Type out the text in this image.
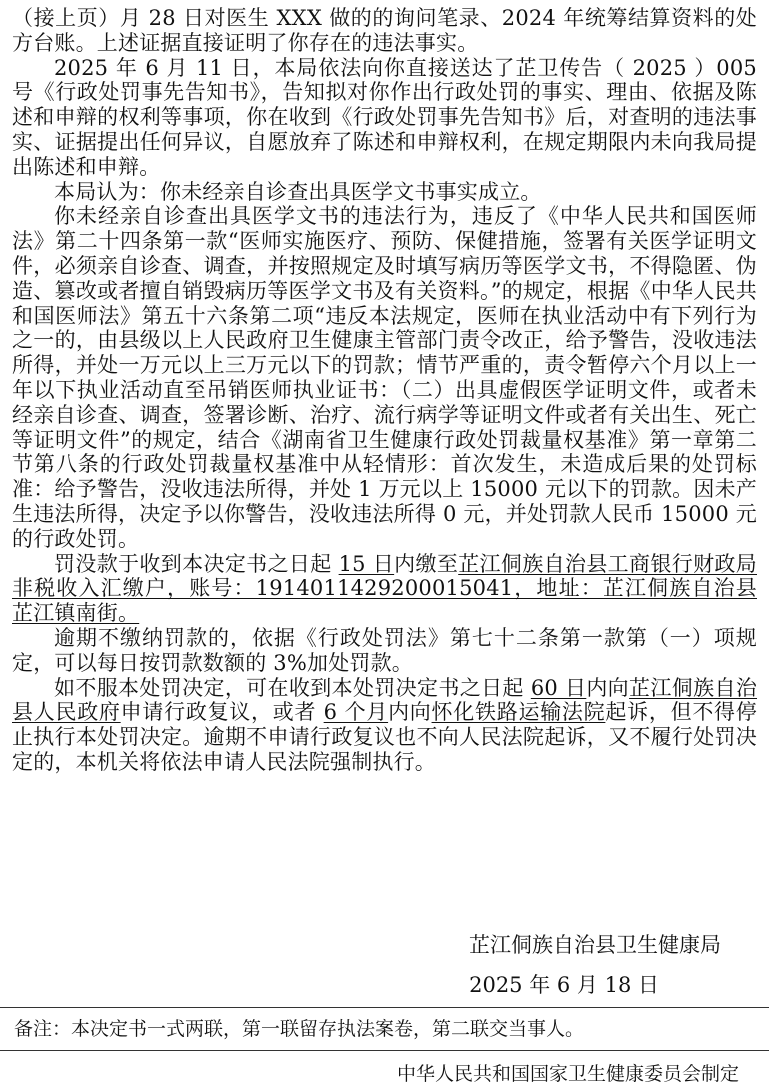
（接上页）月 28 日对医生 XXX 做的的询问笔录、2024 年统筹结算资料的处方台账。上述证据直接证明了你存在的违法事实。

2025 年 6 月 11 日，本局依法向你直接送达了芷卫传告（ 2025 ）005 号《行政处罚事先告知书》，告知拟对你作出行政处罚的事实、理由、依据及陈述和申辩的权利等事项，你在收到《行政处罚事先告知书》后，对查明的违法事实、证据提出任何异议，自愿放弃了陈述和申辩权利，在规定期限内未向我局提出陈述和申辩。

本局认为：你未经亲自诊查出具医学文书事实成立。

你未经亲自诊查出具医学文书的违法行为，违反了《中华人民共和国医师法》第二十四条第一款“医师实施医疗、预防、保健措施，签署有关医学证明文件，必须亲自诊查、调查，并按照规定及时填写病历等医学文书，不得隐匿、伪造、篡改或者擅自销毁病历等医学文书及有关资料。”的规定，根据《中华人民共和国医师法》第五十六条第二项“违反本法规定，医师在执业活动中有下列行为之一的，由县级以上人民政府卫生健康主管部门责令改正，给予警告，没收违法所得，并处一万元以上三万元以下的罚款；情节严重的，责令暂停六个月以上一年以下执业活动直至吊销医师执业证书：（二）出具虚假医学证明文件，或者未经亲自诊查、调查，签署诊断、治疗、流行病学等证明文件或者有关出生、死亡等证明文件”的规定，结合《湖南省卫生健康行政处罚裁量权基准》第一章第二节第八条的行政处罚裁量权基准中从轻情形：首次发生，未造成后果的处罚标准：给予警告，没收违法所得，并处 1 万元以上 15000 元以下的罚款。因未产生违法所得，决定予以你警告，没收违法所得 0 元，并处罚款人民币 15000 元的行政处罚。

罚没款于收到本决定书之日起 15 日内缴至芷江侗族自治县工商银行财政局非税收入汇缴户，账号：1914011429200015041，地址：芷江侗族自治县芷江镇南街。

逾期不缴纳罚款的，依据《行政处罚法》第七十二条第一款第（一）项规定，可以每日按罚款数额的 3%加处罚款。

如不服本处罚决定，可在收到本处罚决定书之日起 60 日内向芷江侗族自治县人民政府申请行政复议，或者 6 个月内向怀化铁路运输法院起诉，但不得停止执行本处罚决定。逾期不申请行政复议也不向人民法院起诉，又不履行处罚决定的，本机关将依法申请人民法院强制执行。

芷江侗族自治县卫生健康局
2025 年 6 月 18 日
备注：本决定书一式两联，第一联留存执法案卷，第二联交当事人。
中华人民共和国国家卫生健康委员会制定
